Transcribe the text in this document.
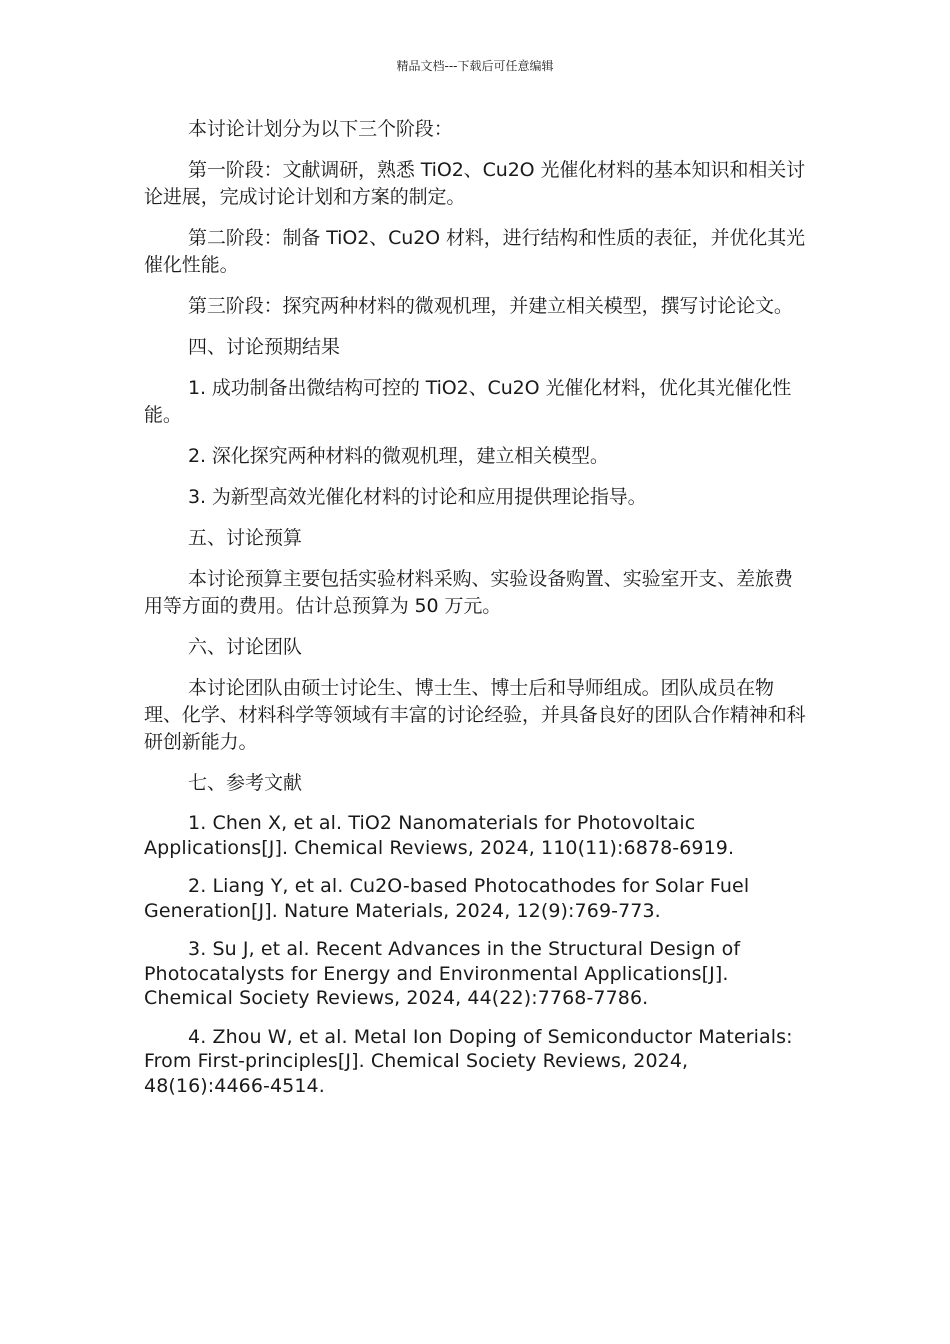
精品文档---下载后可任意编辑

本讨论计划分为以下三个阶段：

第一阶段：文献调研，熟悉 TiO2、Cu2O 光催化材料的基本知识和相关讨论进展，完成讨论计划和方案的制定。

第二阶段：制备 TiO2、Cu2O 材料，进行结构和性质的表征，并优化其光催化性能。

第三阶段：探究两种材料的微观机理，并建立相关模型，撰写讨论论文。

四、讨论预期结果

1. 成功制备出微结构可控的 TiO2、Cu2O 光催化材料，优化其光催化性能。

2. 深化探究两种材料的微观机理，建立相关模型。

3. 为新型高效光催化材料的讨论和应用提供理论指导。

五、讨论预算

本讨论预算主要包括实验材料采购、实验设备购置、实验室开支、差旅费用等方面的费用。估计总预算为 50 万元。

六、讨论团队

本讨论团队由硕士讨论生、博士生、博士后和导师组成。团队成员在物理、化学、材料科学等领域有丰富的讨论经验，并具备良好的团队合作精神和科研创新能力。

七、参考文献

1. Chen X, et al. TiO2 Nanomaterials for Photovoltaic Applications[J]. Chemical Reviews, 2024, 110(11):6878-6919.

2. Liang Y, et al. Cu2O-based Photocathodes for Solar Fuel Generation[J]. Nature Materials, 2024, 12(9):769-773.

3. Su J, et al. Recent Advances in the Structural Design of Photocatalysts for Energy and Environmental Applications[J]. Chemical Society Reviews, 2024, 44(22):7768-7786.

4. Zhou W, et al. Metal Ion Doping of Semiconductor Materials: From First-principles[J]. Chemical Society Reviews, 2024, 48(16):4466-4514.
